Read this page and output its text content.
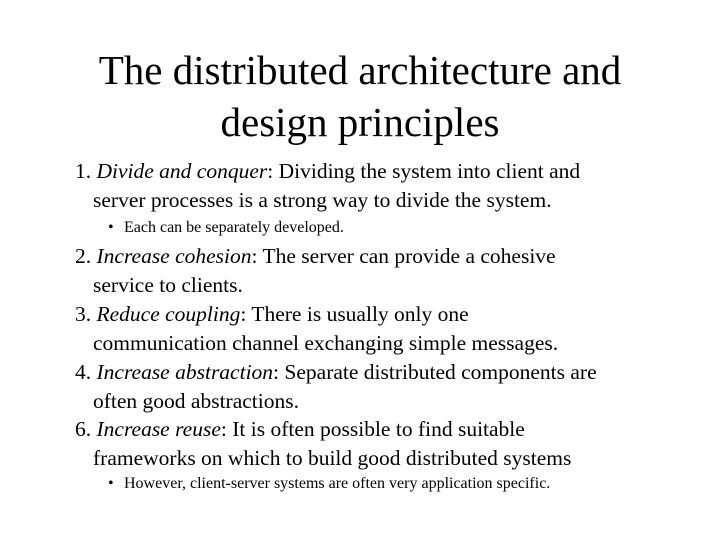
The distributed architecture and
design principles
1. Divide and conquer: Dividing the system into client and
server processes is a strong way to divide the system.
• Each can be separately developed.
2. Increase cohesion: The server can provide a cohesive
service to clients.
3. Reduce coupling: There is usually only one
communication channel exchanging simple messages.
4. Increase abstraction: Separate distributed components are
often good abstractions.
6. Increase reuse: It is often possible to find suitable
frameworks on which to build good distributed systems
• However, client-server systems are often very application specific.
